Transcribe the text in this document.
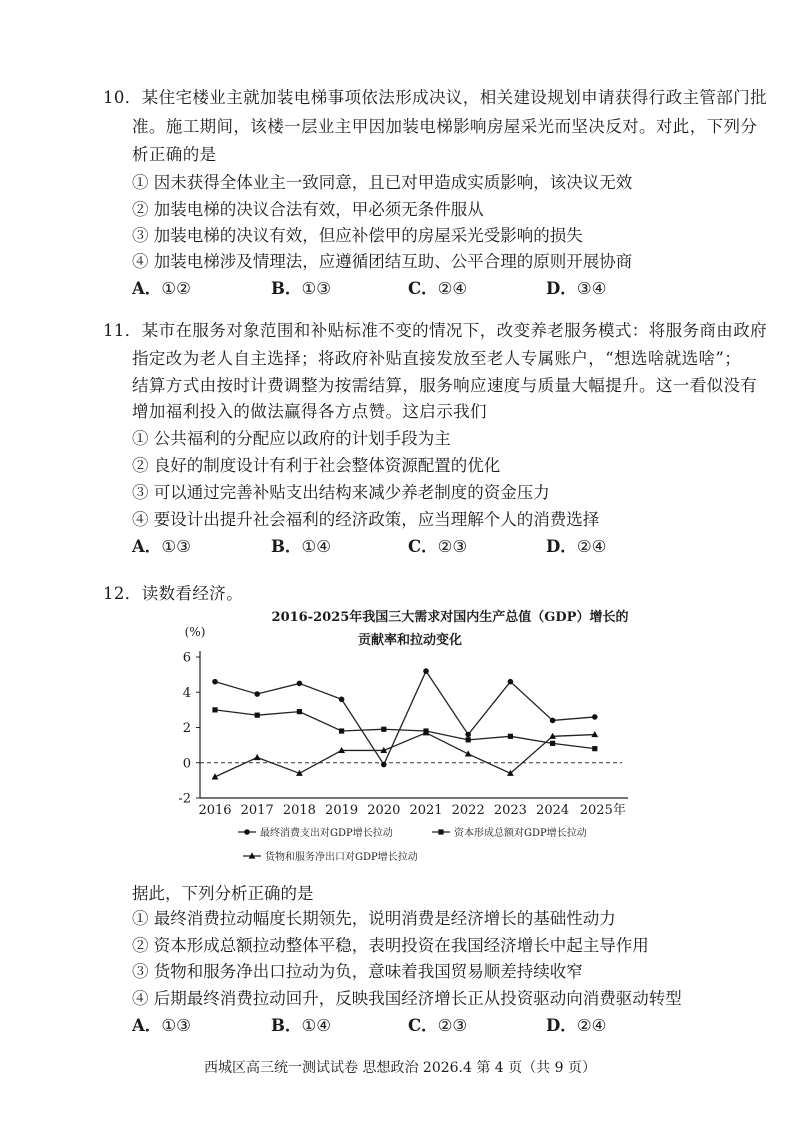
10．某住宅楼业主就加装电梯事项依法形成决议，相关建设规划申请获得行政主管部门批
准。施工期间，该楼一层业主甲因加装电梯影响房屋采光而坚决反对。对此，下列分
析正确的是
① 因未获得全体业主一致同意，且已对甲造成实质影响，该决议无效
② 加装电梯的决议合法有效，甲必须无条件服从
③ 加装电梯的决议有效，但应补偿甲的房屋采光受影响的损失
④ 加装电梯涉及情理法，应遵循团结互助、公平合理的原则开展协商
A．①②	B．①③	C．②④	D．③④
11．某市在服务对象范围和补贴标准不变的情况下，改变养老服务模式：将服务商由政府
指定改为老人自主选择；将政府补贴直接发放至老人专属账户，“想选啥就选啥”；
结算方式由按时计费调整为按需结算，服务响应速度与质量大幅提升。这一看似没有
增加福利投入的做法赢得各方点赞。这启示我们
① 公共福利的分配应以政府的计划手段为主
② 良好的制度设计有利于社会整体资源配置的优化
③ 可以通过完善补贴支出结构来减少养老制度的资金压力
④ 要设计出提升社会福利的经济政策，应当理解个人的消费选择
A．①③	B．①④	C．②③	D．②④
12．读数看经济。
2016-2025年我国三大需求对国内生产总值（GDP）增长的
贡献率和拉动变化
(%)
6
4
2
0
-2
2016 2017 2018 2019 2020 2021 2022 2023 2024 2025年
最终消费支出对GDP增长拉动	资本形成总额对GDP增长拉动
货物和服务净出口对GDP增长拉动
据此，下列分析正确的是
① 最终消费拉动幅度长期领先，说明消费是经济增长的基础性动力
② 资本形成总额拉动整体平稳，表明投资在我国经济增长中起主导作用
③ 货物和服务净出口拉动为负，意味着我国贸易顺差持续收窄
④ 后期最终消费拉动回升，反映我国经济增长正从投资驱动向消费驱动转型
A．①③	B．①④	C．②③	D．②④
西城区高三统一测试试卷 思想政治 2026.4 第 4 页（共 9 页）
